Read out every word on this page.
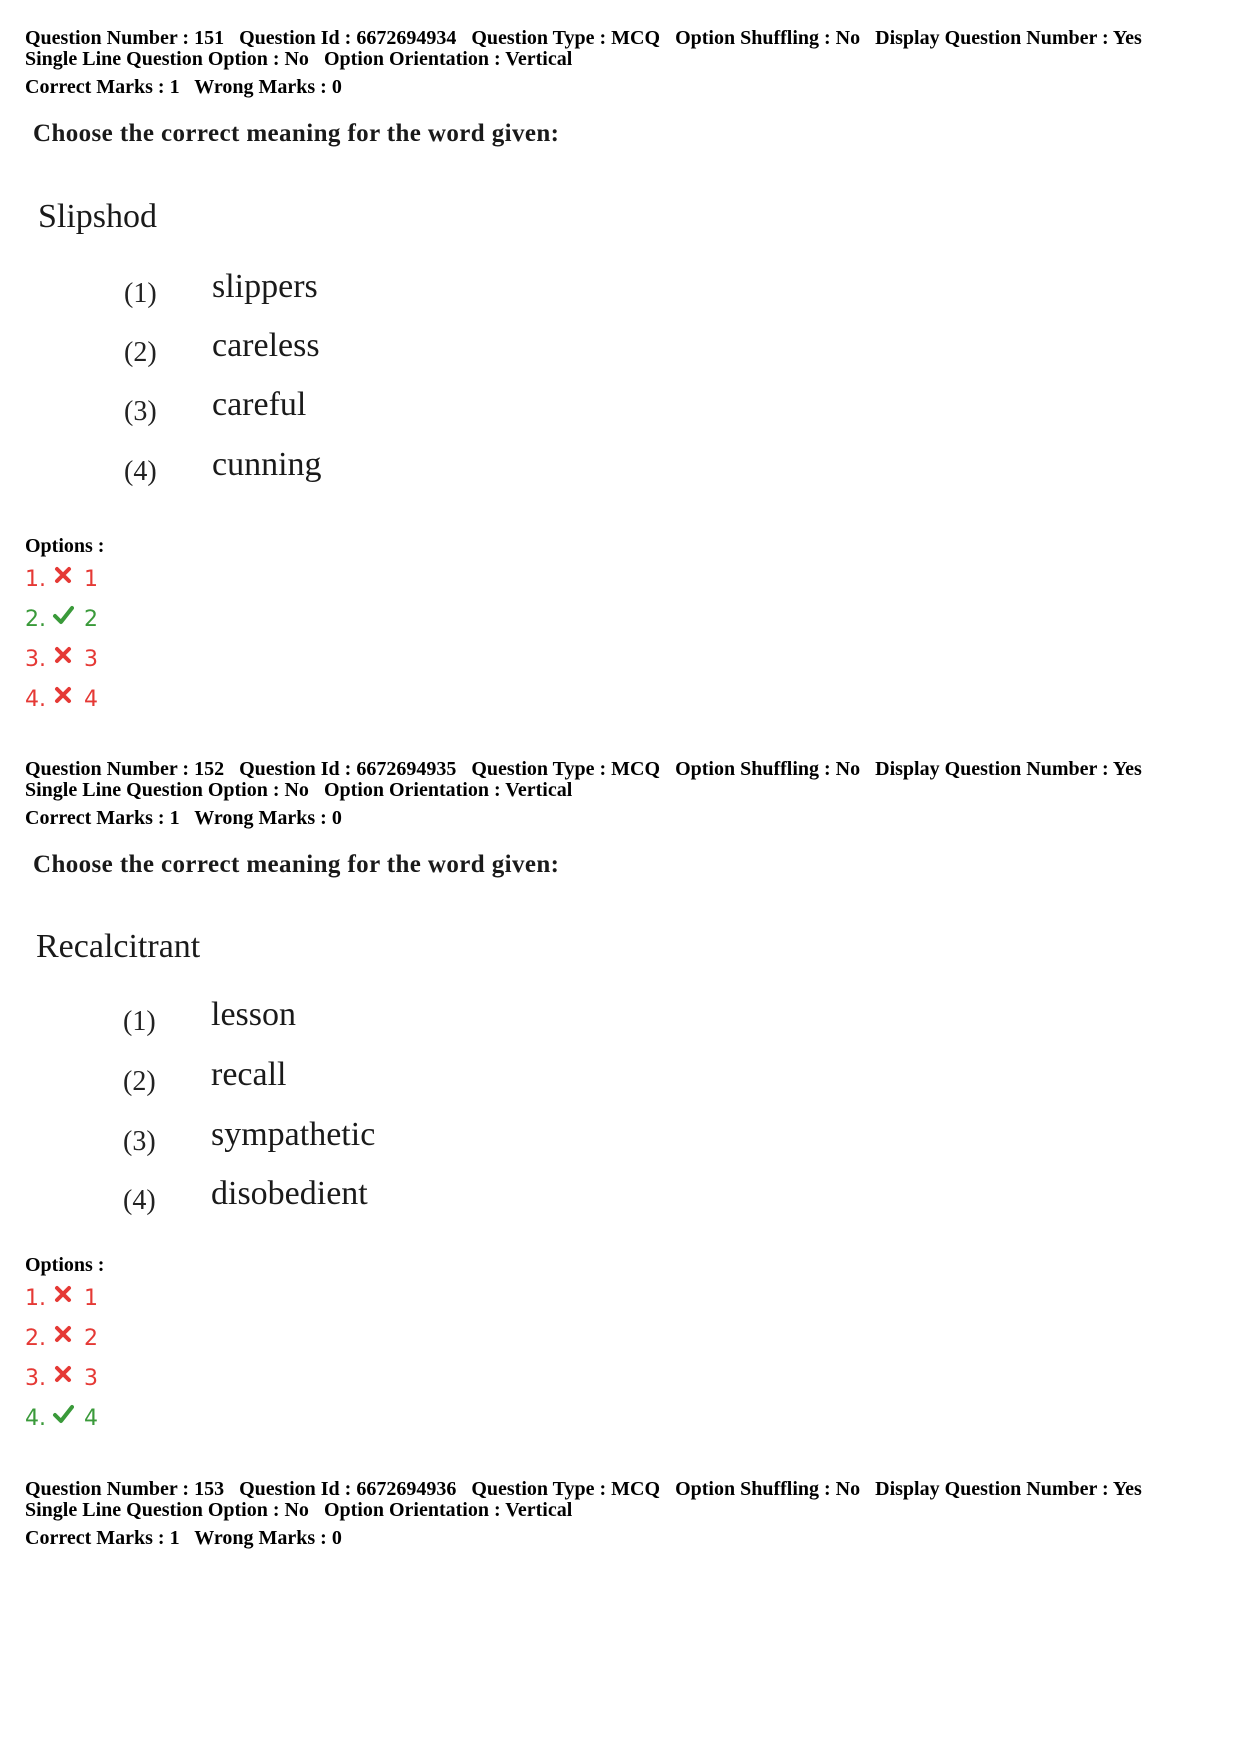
Question Number : 151 Question Id : 6672694934 Question Type : MCQ Option Shuffling : No Display Question Number : Yes
Single Line Question Option : No Option Orientation : Vertical
Correct Marks : 1 Wrong Marks : 0
Choose the correct meaning for the word given:
Slipshod
(1) slippers
(2) careless
(3) careful
(4) cunning
Options :
1. 1
2. 2
3. 3
4. 4
Question Number : 152 Question Id : 6672694935 Question Type : MCQ Option Shuffling : No Display Question Number : Yes
Single Line Question Option : No Option Orientation : Vertical
Correct Marks : 1 Wrong Marks : 0
Choose the correct meaning for the word given:
Recalcitrant
(1) lesson
(2) recall
(3) sympathetic
(4) disobedient
Options :
1. 1
2. 2
3. 3
4. 4
Question Number : 153 Question Id : 6672694936 Question Type : MCQ Option Shuffling : No Display Question Number : Yes
Single Line Question Option : No Option Orientation : Vertical
Correct Marks : 1 Wrong Marks : 0
